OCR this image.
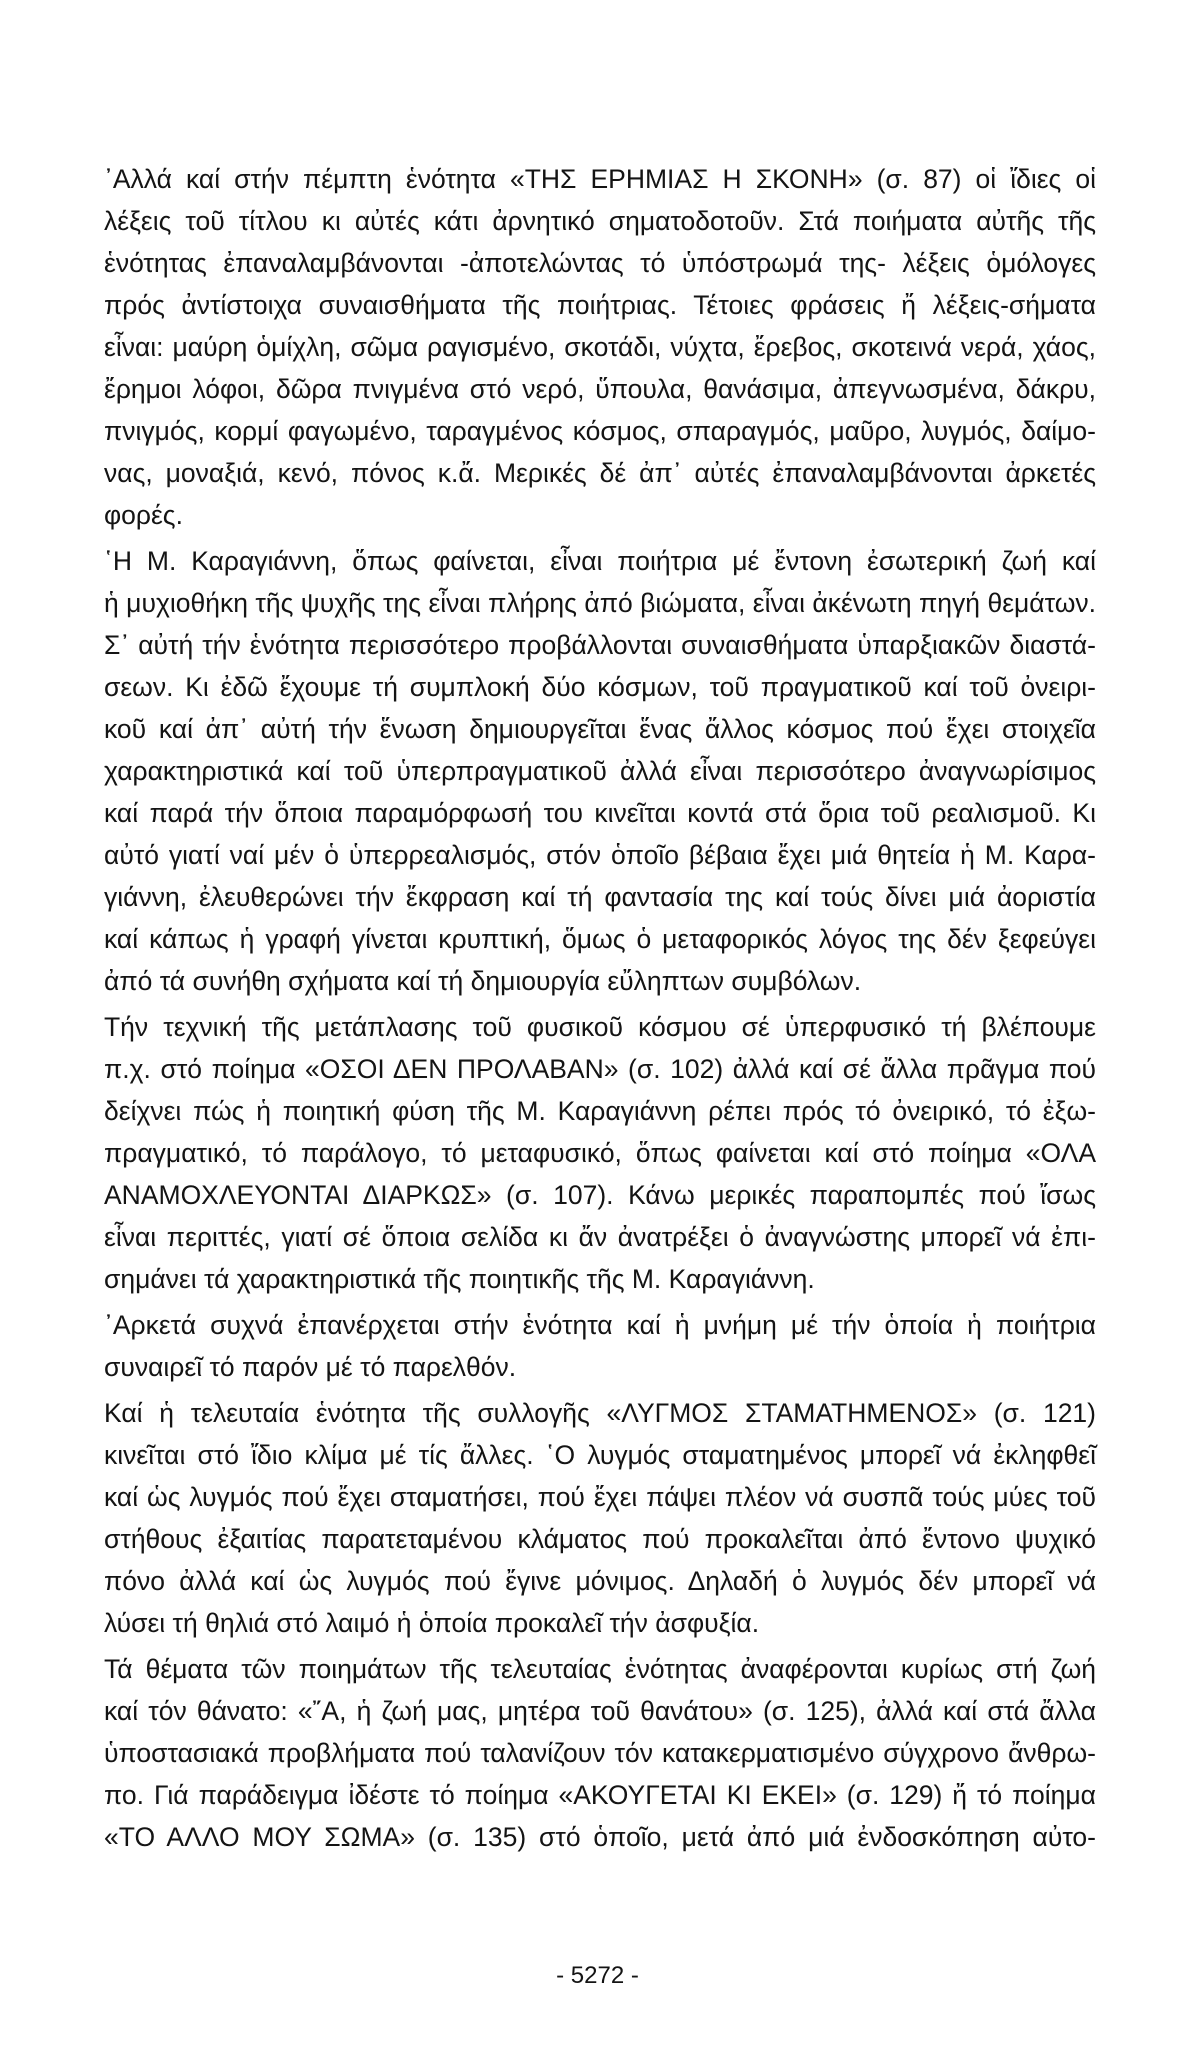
᾿Αλλά καί στήν πέμπτη ἑνότητα «ΤΗΣ ΕΡΗΜΙΑΣ Η ΣΚΟΝΗ» (σ. 87) οἱ ἴδιες οἱ
λέξεις τοῦ τίτλου κι αὐτές κάτι ἀρνητικό σηματοδοτοῦν. Στά ποιήματα αὐτῆς τῆς
ἑνότητας ἐπαναλαμβάνονται -ἀποτελώντας τό ὑπόστρωμά της- λέξεις ὁμόλογες
πρός ἀντίστοιχα συναισθήματα τῆς ποιήτριας. Τέτοιες φράσεις ἤ λέξεις-σήματα
εἶναι: μαύρη ὁμίχλη, σῶμα ραγισμένο, σκοτάδι, νύχτα, ἔρεβος, σκοτεινά νερά, χάος,
ἔρημοι λόφοι, δῶρα πνιγμένα στό νερό, ὕπουλα, θανάσιμα, ἀπεγνωσμένα, δάκρυ,
πνιγμός, κορμί φαγωμένο, ταραγμένος κόσμος, σπαραγμός, μαῦρο, λυγμός, δαίμο-
νας, μοναξιά, κενό, πόνος κ.ἄ. Μερικές δέ ἀπ᾿ αὐτές ἐπαναλαμβάνονται ἀρκετές
φορές.
῾Η Μ. Καραγιάννη, ὅπως φαίνεται, εἶναι ποιήτρια μέ ἔντονη ἐσωτερική ζωή καί
ἡ μυχιοθήκη τῆς ψυχῆς της εἶναι πλήρης ἀπό βιώματα, εἶναι ἀκένωτη πηγή θεμάτων.
Σ᾿ αὐτή τήν ἑνότητα περισσότερο προβάλλονται συναισθήματα ὑπαρξιακῶν διαστά-
σεων. Κι ἐδῶ ἔχουμε τή συμπλοκή δύο κόσμων, τοῦ πραγματικοῦ καί τοῦ ὀνειρι-
κοῦ καί ἀπ᾿ αὐτή τήν ἕνωση δημιουργεῖται ἕνας ἄλλος κόσμος πού ἔχει στοιχεῖα
χαρακτηριστικά καί τοῦ ὑπερπραγματικοῦ ἀλλά εἶναι περισσότερο ἀναγνωρίσιμος
καί παρά τήν ὅποια παραμόρφωσή του κινεῖται κοντά στά ὅρια τοῦ ρεαλισμοῦ. Κι
αὐτό γιατί ναί μέν ὁ ὑπερρεαλισμός, στόν ὁποῖο βέβαια ἔχει μιά θητεία ἡ Μ. Καρα-
γιάννη, ἐλευθερώνει τήν ἔκφραση καί τή φαντασία της καί τούς δίνει μιά ἀοριστία
καί κάπως ἡ γραφή γίνεται κρυπτική, ὅμως ὁ μεταφορικός λόγος της δέν ξεφεύγει
ἀπό τά συνήθη σχήματα καί τή δημιουργία εὔληπτων συμβόλων.
Τήν τεχνική τῆς μετάπλασης τοῦ φυσικοῦ κόσμου σέ ὑπερφυσικό τή βλέπουμε
π.χ. στό ποίημα «ΟΣΟΙ ΔΕΝ ΠΡΟΛΑΒΑΝ» (σ. 102) ἀλλά καί σέ ἄλλα πρᾶγμα πού
δείχνει πώς ἡ ποιητική φύση τῆς Μ. Καραγιάννη ρέπει πρός τό ὀνειρικό, τό ἐξω-
πραγματικό, τό παράλογο, τό μεταφυσικό, ὅπως φαίνεται καί στό ποίημα «ΟΛΑ
ΑΝΑΜΟΧΛΕΥΟΝΤΑΙ ΔΙΑΡΚΩΣ» (σ. 107). Κάνω μερικές παραπομπές πού ἴσως
εἶναι περιττές, γιατί σέ ὅποια σελίδα κι ἄν ἀνατρέξει ὁ ἀναγνώστης μπορεῖ νά ἐπι-
σημάνει τά χαρακτηριστικά τῆς ποιητικῆς τῆς Μ. Καραγιάννη.
᾿Αρκετά συχνά ἐπανέρχεται στήν ἑνότητα καί ἡ μνήμη μέ τήν ὁποία ἡ ποιήτρια
συναιρεῖ τό παρόν μέ τό παρελθόν.
Καί ἡ τελευταία ἑνότητα τῆς συλλογῆς «ΛΥΓΜΟΣ ΣΤΑΜΑΤΗΜΕΝΟΣ» (σ. 121)
κινεῖται στό ἴδιο κλίμα μέ τίς ἄλλες. ῾Ο λυγμός σταματημένος μπορεῖ νά ἐκληφθεῖ
καί ὡς λυγμός πού ἔχει σταματήσει, πού ἔχει πάψει πλέον νά συσπᾶ τούς μύες τοῦ
στήθους ἐξαιτίας παρατεταμένου κλάματος πού προκαλεῖται ἀπό ἔντονο ψυχικό
πόνο ἀλλά καί ὡς λυγμός πού ἔγινε μόνιμος. Δηλαδή ὁ λυγμός δέν μπορεῖ νά
λύσει τή θηλιά στό λαιμό ἡ ὁποία προκαλεῖ τήν ἀσφυξία.
Τά θέματα τῶν ποιημάτων τῆς τελευταίας ἑνότητας ἀναφέρονται κυρίως στή ζωή
καί τόν θάνατο: «῎Α, ἡ ζωή μας, μητέρα τοῦ θανάτου» (σ. 125), ἀλλά καί στά ἄλλα
ὑποστασιακά προβλήματα πού ταλανίζουν τόν κατακερματισμένο σύγχρονο ἄνθρω-
πο. Γιά παράδειγμα ἰδέστε τό ποίημα «ΑΚΟΥΓΕΤΑΙ ΚΙ ΕΚΕΙ» (σ. 129) ἤ τό ποίημα
«ΤΟ ΑΛΛΟ ΜΟΥ ΣΩΜΑ» (σ. 135) στό ὁποῖο, μετά ἀπό μιά ἐνδοσκόπηση αὐτο-
- 5272 -
